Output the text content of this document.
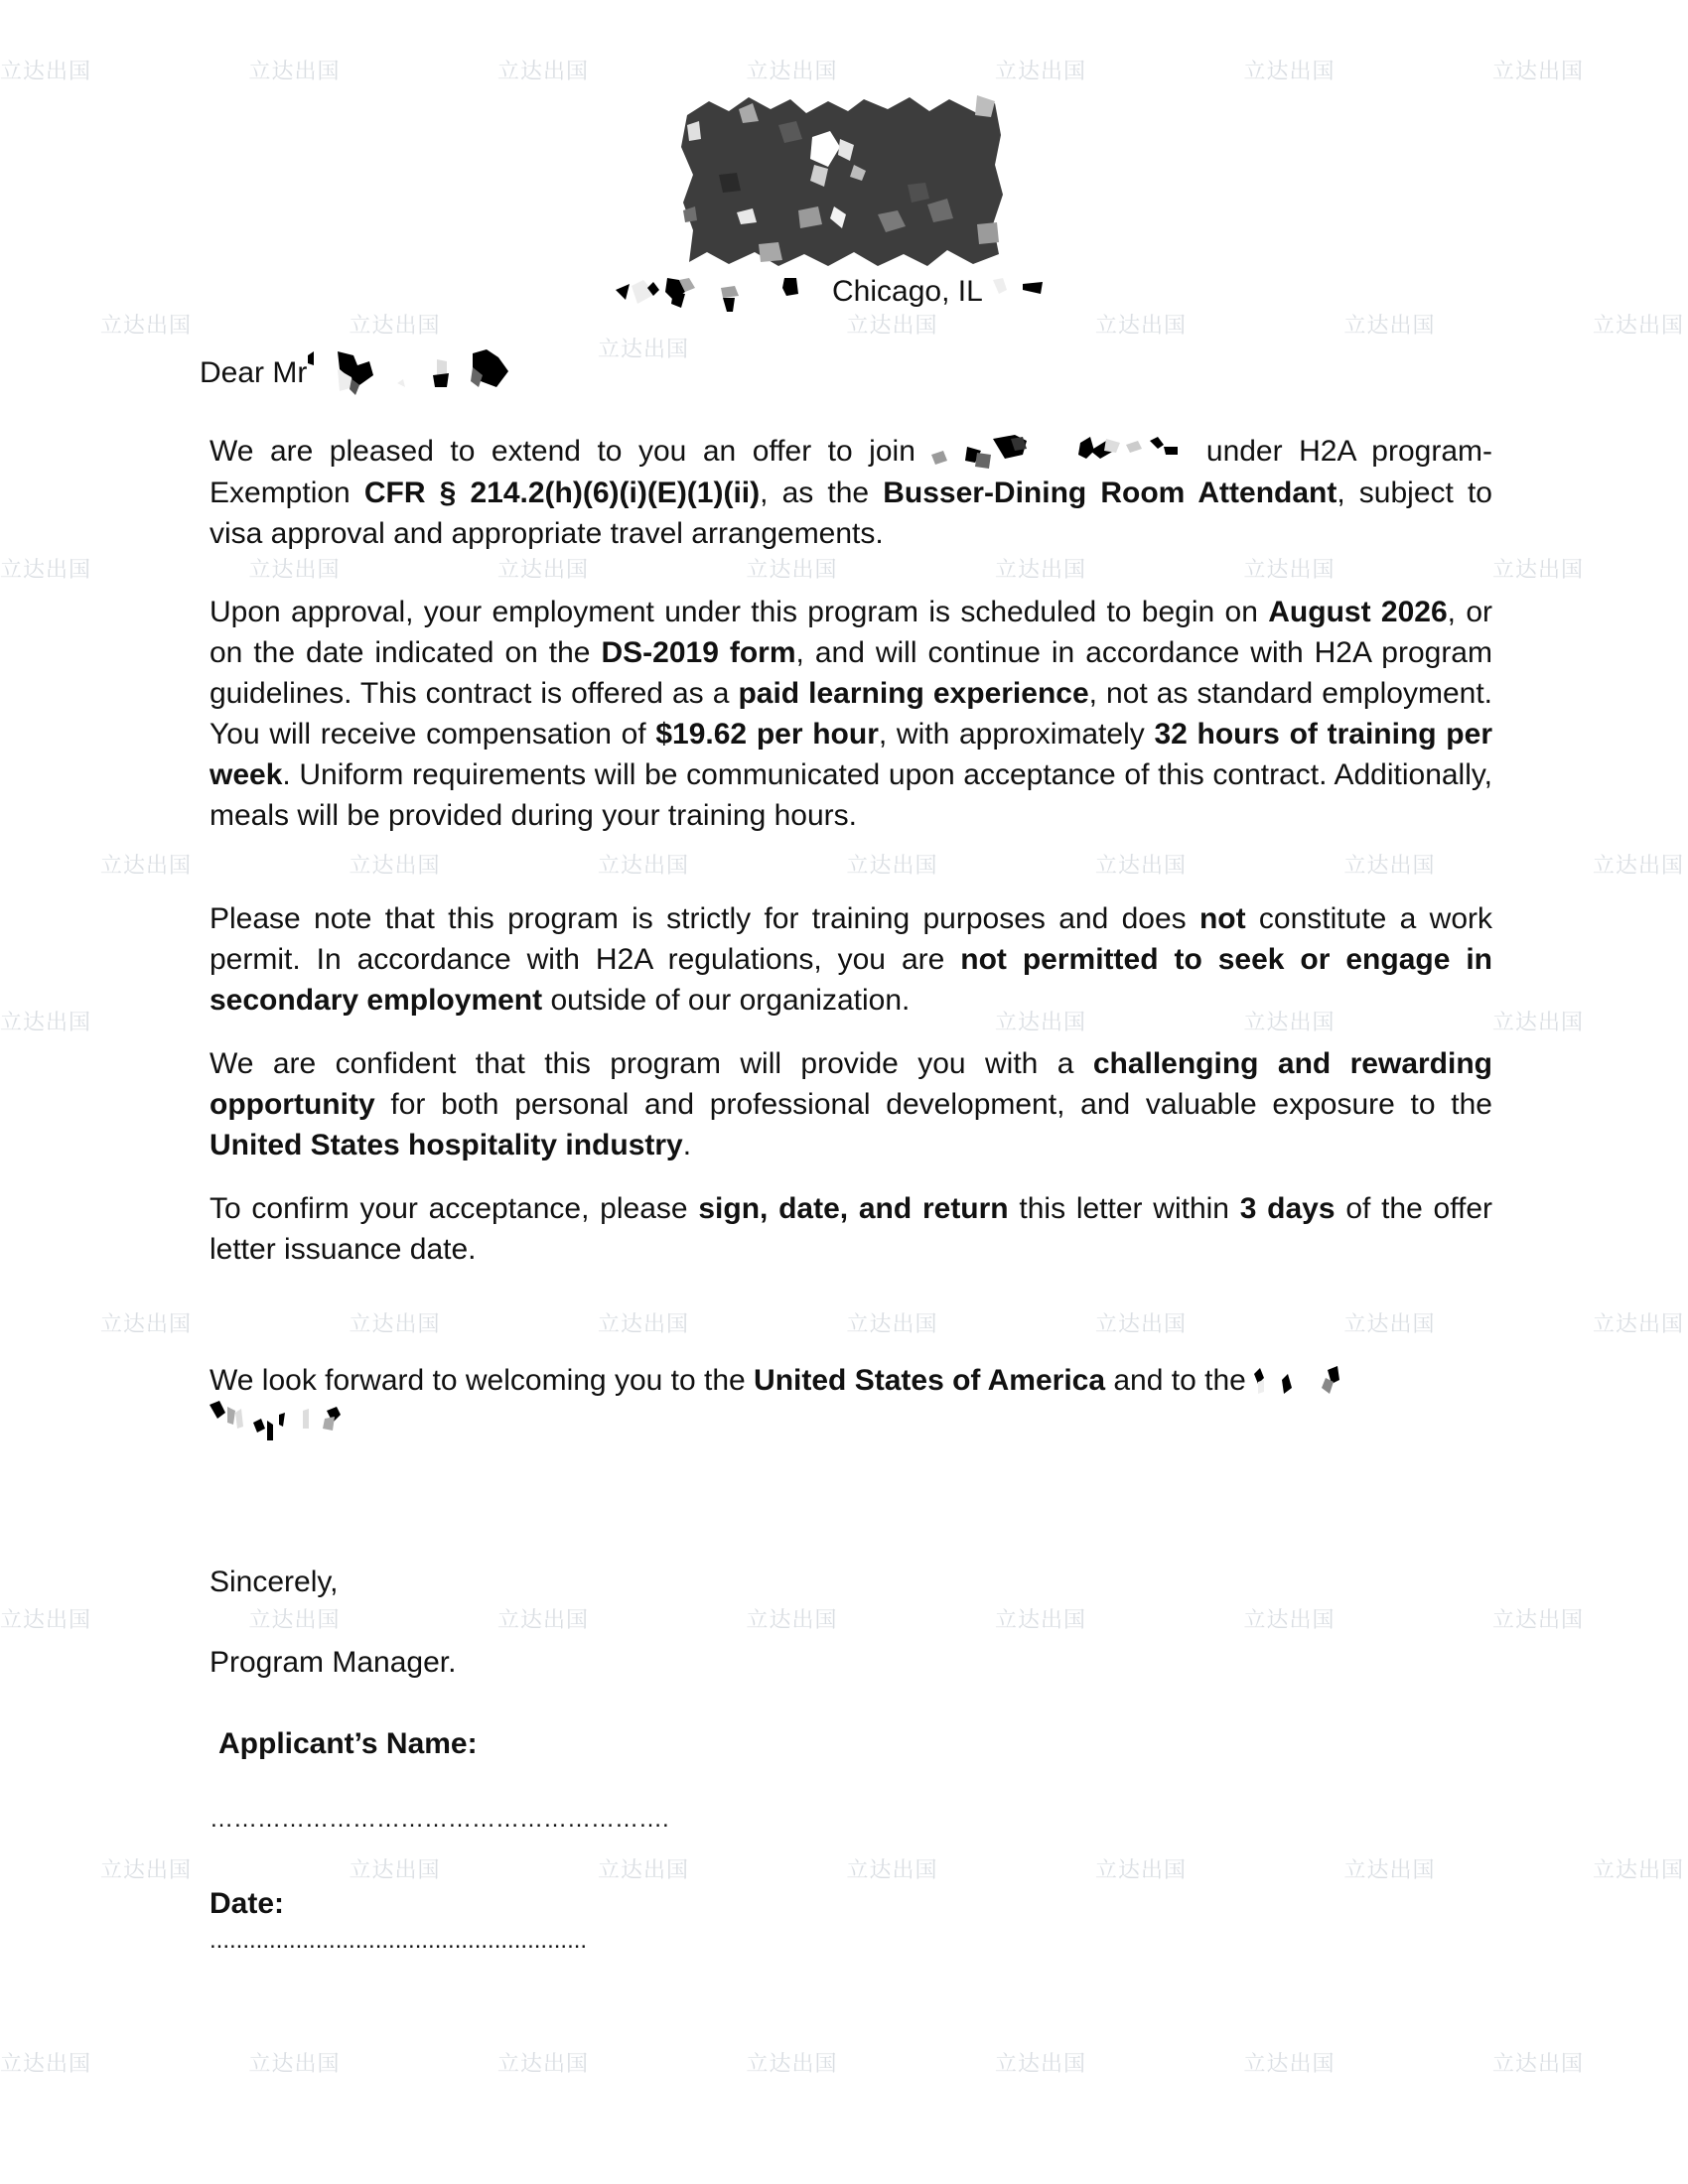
立达出国	立达出国	立达出国	立达出国	立达出国	立达出国	立达出国
立达出国	立达出国
立达出国
立达出国	立达出国	立达出国	立达出国
立达出国	立达出国	立达出国	立达出国	立达出国	立达出国	立达出国
立达出国	立达出国	立达出国	立达出国	立达出国	立达出国	立达出国
立达出国	立达出国	立达出国	立达出国
立达出国	立达出国	立达出国	立达出国	立达出国	立达出国	立达出国
立达出国	立达出国	立达出国	立达出国	立达出国	立达出国	立达出国
立达出国	立达出国	立达出国	立达出国	立达出国	立达出国	立达出国
立达出国	立达出国	立达出国	立达出国	立达出国	立达出国	立达出国
Chicago, IL
Dear Mr
We are pleased to extend to you an offer to join	under H2A program-Exemption CFR § 214.2(h)(6)(i)(E)(1)(ii), as the Busser-Dining Room Attendant, subject to visa approval and appropriate travel arrangements.
Upon approval, your employment under this program is scheduled to begin on August 2026, or on the date indicated on the DS-2019 form, and will continue in accordance with H2A program guidelines. This contract is offered as a paid learning experience, not as standard employment. You will receive compensation of $19.62 per hour, with approximately 32 hours of training per week. Uniform requirements will be communicated upon acceptance of this contract. Additionally, meals will be provided during your training hours.
Please note that this program is strictly for training purposes and does not constitute a work permit. In accordance with H2A regulations, you are not permitted to seek or engage in secondary employment outside of our organization.
We are confident that this program will provide you with a challenging and rewarding opportunity for both personal and professional development, and valuable exposure to the United States hospitality industry.
To confirm your acceptance, please sign, date, and return this letter within 3 days of the offer letter issuance date.
We look forward to welcoming you to the United States of America and to the

Sincerely,
Program Manager.
Applicant’s Name:
………………………………………………….
Date:
.........................................................
